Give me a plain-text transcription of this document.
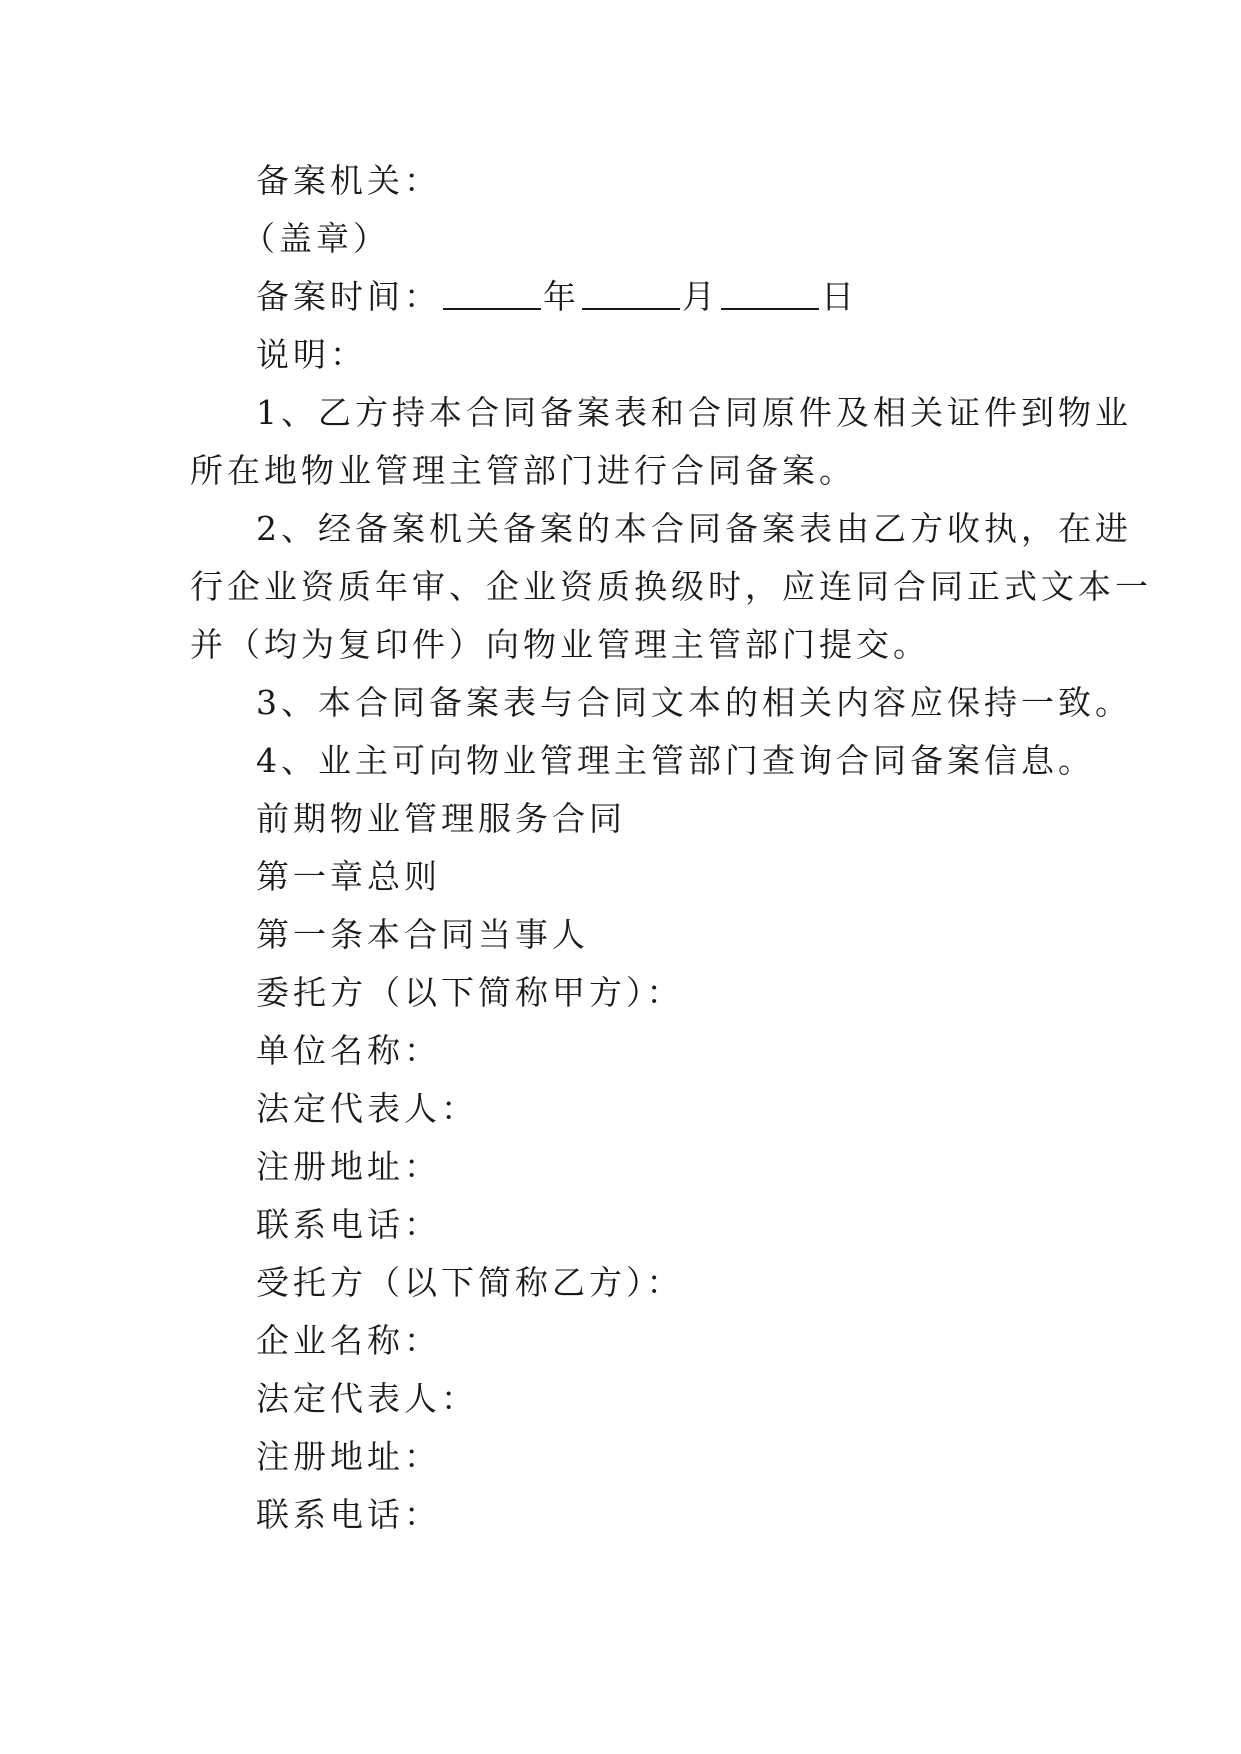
备案机关：
（盖章）
备案时间：	年	月	日
说明：
1、乙方持本合同备案表和合同原件及相关证件到物业
所在地物业管理主管部门进行合同备案。
2、经备案机关备案的本合同备案表由乙方收执，在进
行企业资质年审、企业资质换级时，应连同合同正式文本一
并（均为复印件）向物业管理主管部门提交。
3、本合同备案表与合同文本的相关内容应保持一致。
4、业主可向物业管理主管部门查询合同备案信息。
前期物业管理服务合同
第一章总则
第一条本合同当事人
委托方（以下简称甲方）：
单位名称：
法定代表人：
注册地址：
联系电话：
受托方（以下简称乙方）：
企业名称：
法定代表人：
注册地址：
联系电话：
